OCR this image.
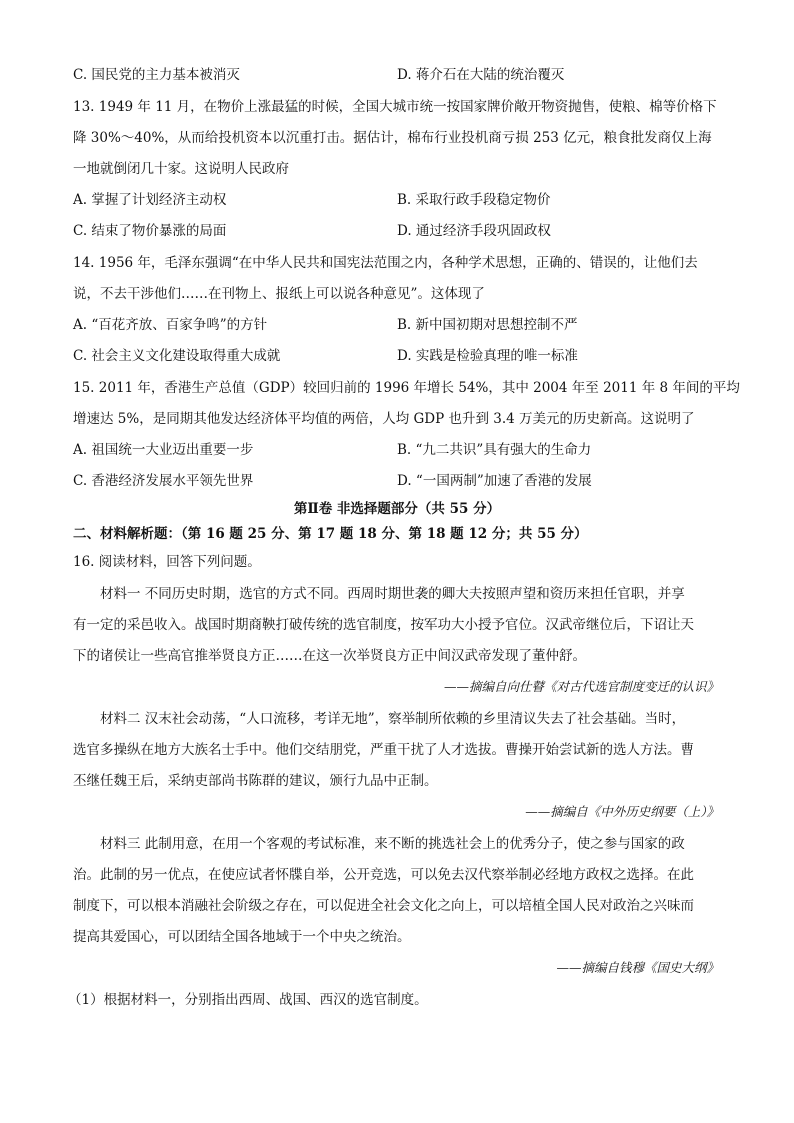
C. 国民党的主力基本被消灭	D. 蒋介石在大陆的统治覆灭
13. 1949 年 11 月，在物价上涨最猛的时候，全国大城市统一按国家牌价敞开物资抛售，使粮、棉等价格下
降 30%～40%，从而给投机资本以沉重打击。据估计，棉布行业投机商亏损 253 亿元，粮食批发商仅上海
一地就倒闭几十家。这说明人民政府
A. 掌握了计划经济主动权	B. 采取行政手段稳定物价
C. 结束了物价暴涨的局面	D. 通过经济手段巩固政权
14. 1956 年，毛泽东强调“在中华人民共和国宪法范围之内，各种学术思想，正确的、错误的，让他们去
说，不去干涉他们……在刊物上、报纸上可以说各种意见”。这体现了
A. “百花齐放、百家争鸣”的方针	B. 新中国初期对思想控制不严
C. 社会主义文化建设取得重大成就	D. 实践是检验真理的唯一标准
15. 2011 年，香港生产总值（GDP）较回归前的 1996 年增长 54%，其中 2004 年至 2011 年 8 年间的平均
增速达 5%，是同期其他发达经济体平均值的两倍，人均 GDP 也升到 3.4 万美元的历史新高。这说明了
A. 祖国统一大业迈出重要一步	B. “九二共识”具有强大的生命力
C. 香港经济发展水平领先世界	D. “一国两制”加速了香港的发展
第Ⅱ卷 非选择题部分（共 55 分）
二、材料解析题：（第 16 题 25 分、第 17 题 18 分、第 18 题 12 分；共 55 分）
16. 阅读材料，回答下列问题。
材料一 不同历史时期，选官的方式不同。西周时期世袭的卿大夫按照声望和资历来担任官职，并享
有一定的采邑收入。战国时期商鞅打破传统的选官制度，按军功大小授予官位。汉武帝继位后，下诏让天
下的诸侯让一些高官推举贤良方正……在这一次举贤良方正中间汉武帝发现了董仲舒。
——摘编自向仕瞽《对古代选官制度变迁的认识》
材料二 汉末社会动荡，“人口流移，考详无地”，察举制所依赖的乡里清议失去了社会基础。当时，
选官多操纵在地方大族名士手中。他们交结朋党，严重干扰了人才选拔。曹操开始尝试新的选人方法。曹
丕继任魏王后，采纳吏部尚书陈群的建议，颁行九品中正制。
——摘编自《中外历史纲要（上）》
材料三 此制用意，在用一个客观的考试标准，来不断的挑选社会上的优秀分子，使之参与国家的政
治。此制的另一优点，在使应试者怀牒自举，公开竞选，可以免去汉代察举制必经地方政权之选择。在此
制度下，可以根本消融社会阶级之存在，可以促进全社会文化之向上，可以培植全国人民对政治之兴味而
提高其爱国心，可以团结全国各地域于一个中央之统治。
——摘编自钱穆《国史大纲》
（1）根据材料一，分别指出西周、战国、西汉的选官制度。
